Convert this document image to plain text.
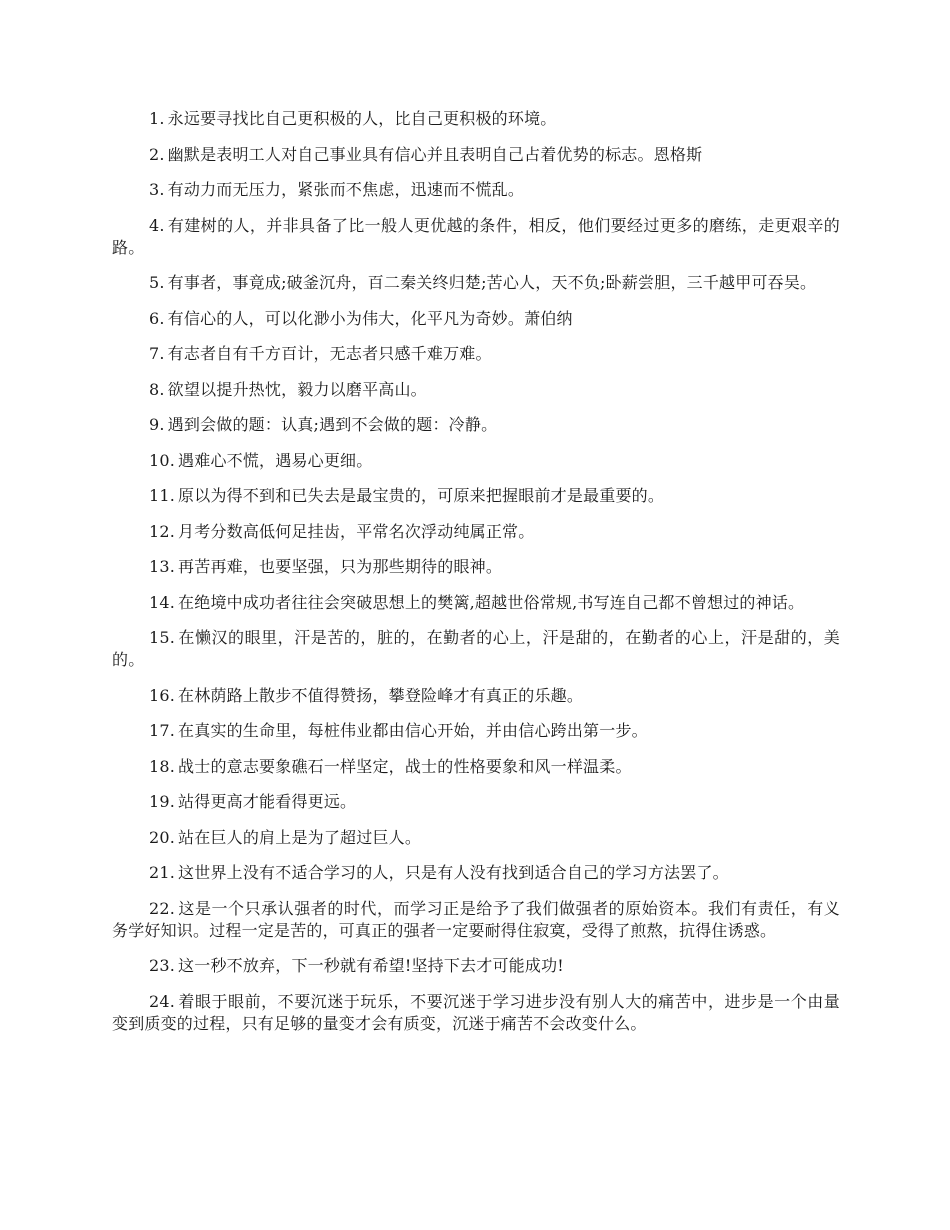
1. 永远要寻找比自己更积极的人，比自己更积极的环境。

2. 幽默是表明工人对自己事业具有信心并且表明自己占着优势的标志。恩格斯

3. 有动力而无压力，紧张而不焦虑，迅速而不慌乱。

4. 有建树的人，并非具备了比一般人更优越的条件，相反，他们要经过更多的磨练，走更艰辛的路。

5. 有事者，事竟成;破釜沉舟，百二秦关终归楚;苦心人，天不负;卧薪尝胆，三千越甲可吞吴。

6. 有信心的人，可以化渺小为伟大，化平凡为奇妙。萧伯纳

7. 有志者自有千方百计，无志者只感千难万难。

8. 欲望以提升热忱，毅力以磨平高山。

9. 遇到会做的题：认真;遇到不会做的题：冷静。

10. 遇难心不慌，遇易心更细。

11. 原以为得不到和已失去是最宝贵的，可原来把握眼前才是最重要的。

12. 月考分数高低何足挂齿，平常名次浮动纯属正常。

13. 再苦再难，也要坚强，只为那些期待的眼神。

14. 在绝境中成功者往往会突破思想上的樊篱,超越世俗常规,书写连自己都不曾想过的神话。

15. 在懒汉的眼里，汗是苦的，脏的，在勤者的心上，汗是甜的，在勤者的心上，汗是甜的，美的。

16. 在林荫路上散步不值得赞扬，攀登险峰才有真正的乐趣。

17. 在真实的生命里，每桩伟业都由信心开始，并由信心跨出第一步。

18. 战士的意志要象礁石一样坚定，战士的性格要象和风一样温柔。

19. 站得更高才能看得更远。

20. 站在巨人的肩上是为了超过巨人。

21. 这世界上没有不适合学习的人，只是有人没有找到适合自己的学习方法罢了。

22. 这是一个只承认强者的时代，而学习正是给予了我们做强者的原始资本。我们有责任，有义务学好知识。过程一定是苦的，可真正的强者一定要耐得住寂寞，受得了煎熬，抗得住诱惑。

23. 这一秒不放弃，下一秒就有希望!坚持下去才可能成功!

24. 着眼于眼前，不要沉迷于玩乐，不要沉迷于学习进步没有别人大的痛苦中，进步是一个由量变到质变的过程，只有足够的量变才会有质变，沉迷于痛苦不会改变什么。
